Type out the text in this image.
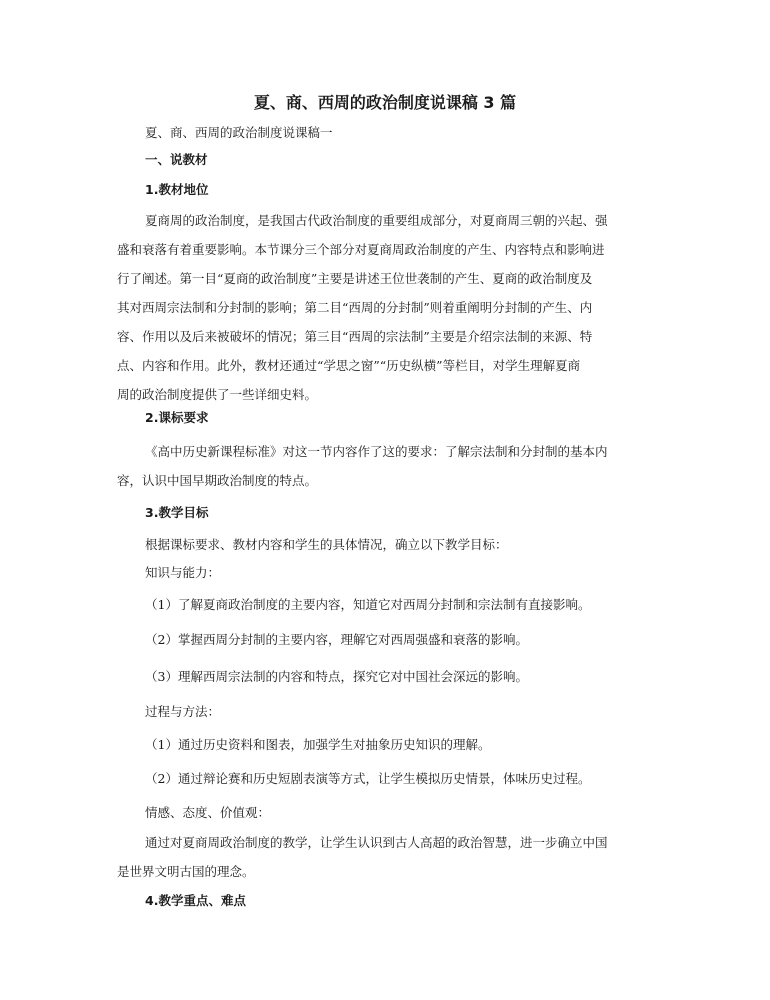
夏、商、西周的政治制度说课稿 3 篇
夏、商、西周的政治制度说课稿一
一、说教材
1.教材地位
夏商周的政治制度，是我国古代政治制度的重要组成部分，对夏商周三朝的兴起、强
盛和衰落有着重要影响。本节课分三个部分对夏商周政治制度的产生、内容特点和影响进
行了阐述。第一目“夏商的政治制度”主要是讲述王位世袭制的产生、夏商的政治制度及
其对西周宗法制和分封制的影响；第二目“西周的分封制”则着重阐明分封制的产生、内
容、作用以及后来被破坏的情况；第三目“西周的宗法制”主要是介绍宗法制的来源、特
点、内容和作用。此外，教材还通过“学思之窗”“历史纵横”等栏目，对学生理解夏商
周的政治制度提供了一些详细史料。
2.课标要求
《高中历史新课程标准》对这一节内容作了这的要求：了解宗法制和分封制的基本内
容，认识中国早期政治制度的特点。
3.教学目标
根据课标要求、教材内容和学生的具体情况，确立以下教学目标：
知识与能力：
（1）了解夏商政治制度的主要内容，知道它对西周分封制和宗法制有直接影响。
（2）掌握西周分封制的主要内容，理解它对西周强盛和衰落的影响。
（3）理解西周宗法制的内容和特点，探究它对中国社会深远的影响。
过程与方法：
（1）通过历史资料和图表，加强学生对抽象历史知识的理解。
（2）通过辩论赛和历史短剧表演等方式，让学生模拟历史情景，体味历史过程。
情感、态度、价值观：
通过对夏商周政治制度的教学，让学生认识到古人高超的政治智慧，进一步确立中国
是世界文明古国的理念。
4.教学重点、难点
